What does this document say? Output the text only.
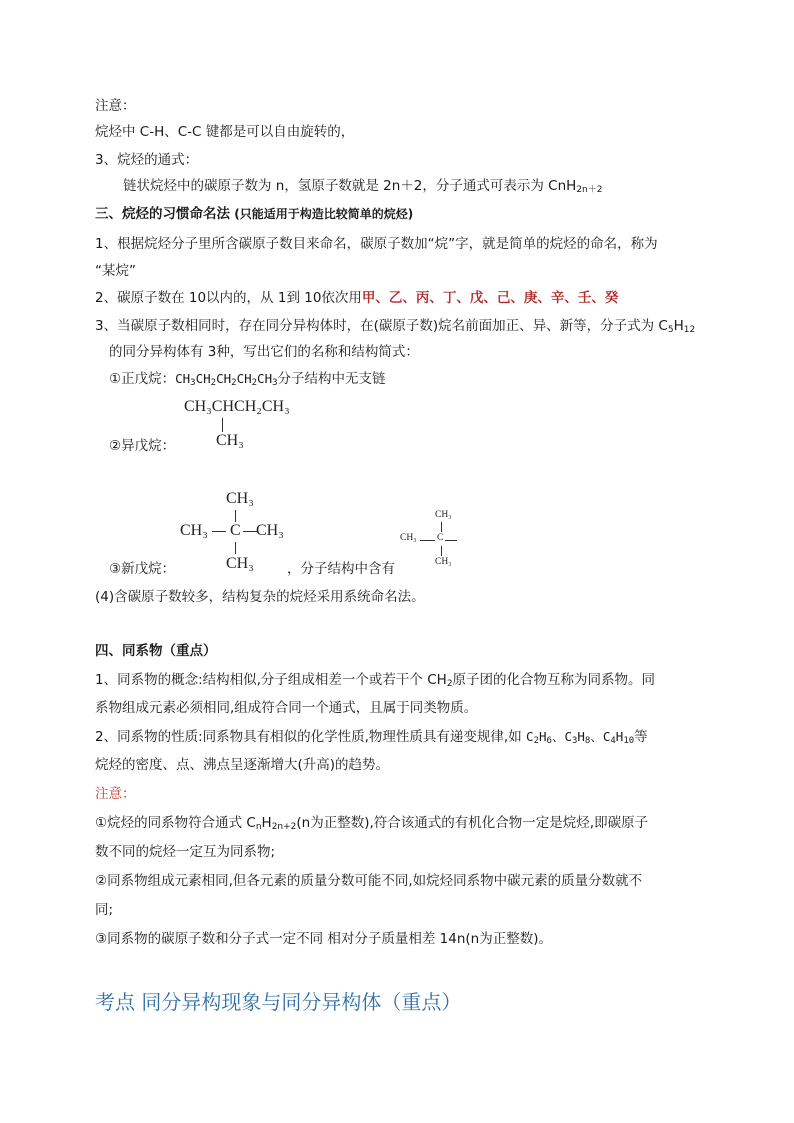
注意：
烷烃中 C-H、C-C 键都是可以自由旋转的，
3、烷烃的通式：
链状烷烃中的碳原子数为 n，氢原子数就是 2n＋2，分子通式可表示为 CnH$_{2n+2}$
三、烷烃的习惯命名法 (只能适用于构造比较简单的烷烃)
1、根据烷烃分子里所含碳原子数目来命名，碳原子数加“烷”字，就是简单的烷烃的命名，称为
“某烷”
2、碳原子数在 10以内的，从 1到 10依次用甲、乙、丙、丁、戊、己、庚、辛、壬、癸
3、当碳原子数相同时，存在同分异构体时，在(碳原子数)烷名前面加正、异、新等，分子式为 $C_5H_{12}$
的同分异构体有 3种，写出它们的名称和结构简式：
①正戊烷：$CH_3CH_2CH_2CH_2CH_3$分子结构中无支链
CH₃CHCH₂CH₃
CH₃
②异戊烷：
CH₃
CH₃ C CH₃
CH₃
③新戊烷：	，分子结构中含有
CH₃
CH₃ C
CH₃
(4)含碳原子数较多，结构复杂的烷烃采用系统命名法。
四、同系物（重点）
1、同系物的概念:结构相似,分子组成相差一个或若干个 $CH_2$原子团的化合物互称为同系物。同
系物组成元素必须相同,组成符合同一个通式，且属于同类物质。
2、同系物的性质:同系物具有相似的化学性质,物理性质具有递变规律,如 $C_2H_6$、$C_3H_8$、$C_4H_{10}$等
烷烃的密度、点、沸点呈逐渐增大(升高)的趋势。
注意：
①烷烃的同系物符合通式 $C_nH_{2n+2}(n$为正整数),符合该通式的有机化合物一定是烷烃,即碳原子
数不同的烷烃一定互为同系物;
②同系物组成元素相同,但各元素的质量分数可能不同,如烷烃同系物中碳元素的质量分数就不
同;
③同系物的碳原子数和分子式一定不同 相对分子质量相差 14n(n为正整数)。
考点 同分异构现象与同分异构体（重点）
